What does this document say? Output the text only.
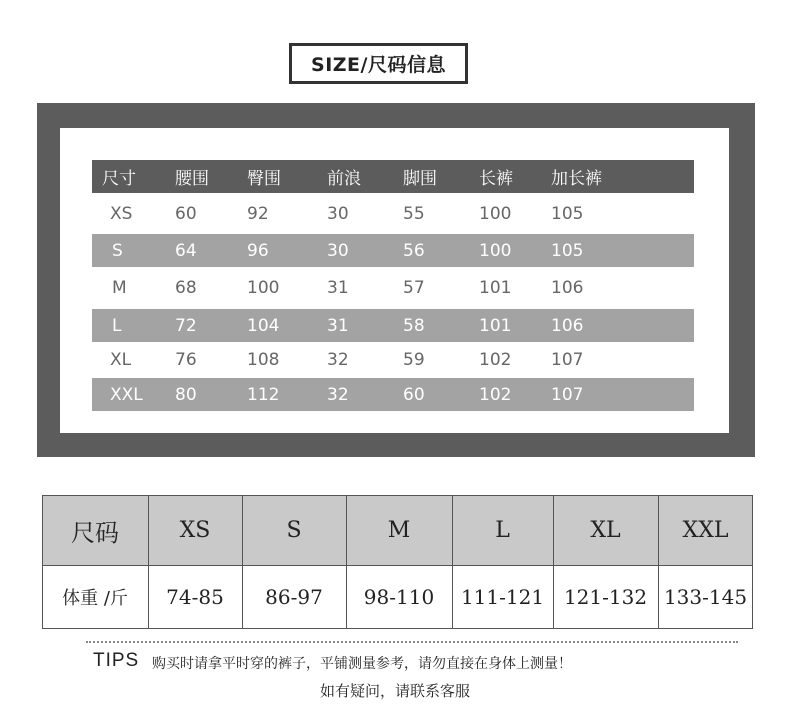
SIZE/尺码信息
尺寸 腰围 臀围	前浪 脚围 长裤 加长裤
XS	60	92	30	55	100 105
S	64	96	30	56	100 105
M	68	100	31	57	101 106
L	72	104	31	58	101 106
XL	76	108	32	59	102 107
XXL 80	112	32	60	102 107
尺码	XS	S	M	L	XL	XXL
体重 /斤	74-85	86-97	98-110	111-121 121-132 133-145
TIPS 购买时请拿平时穿的裤子，平铺测量参考，请勿直接在身体上测量！
如有疑问，请联系客服
